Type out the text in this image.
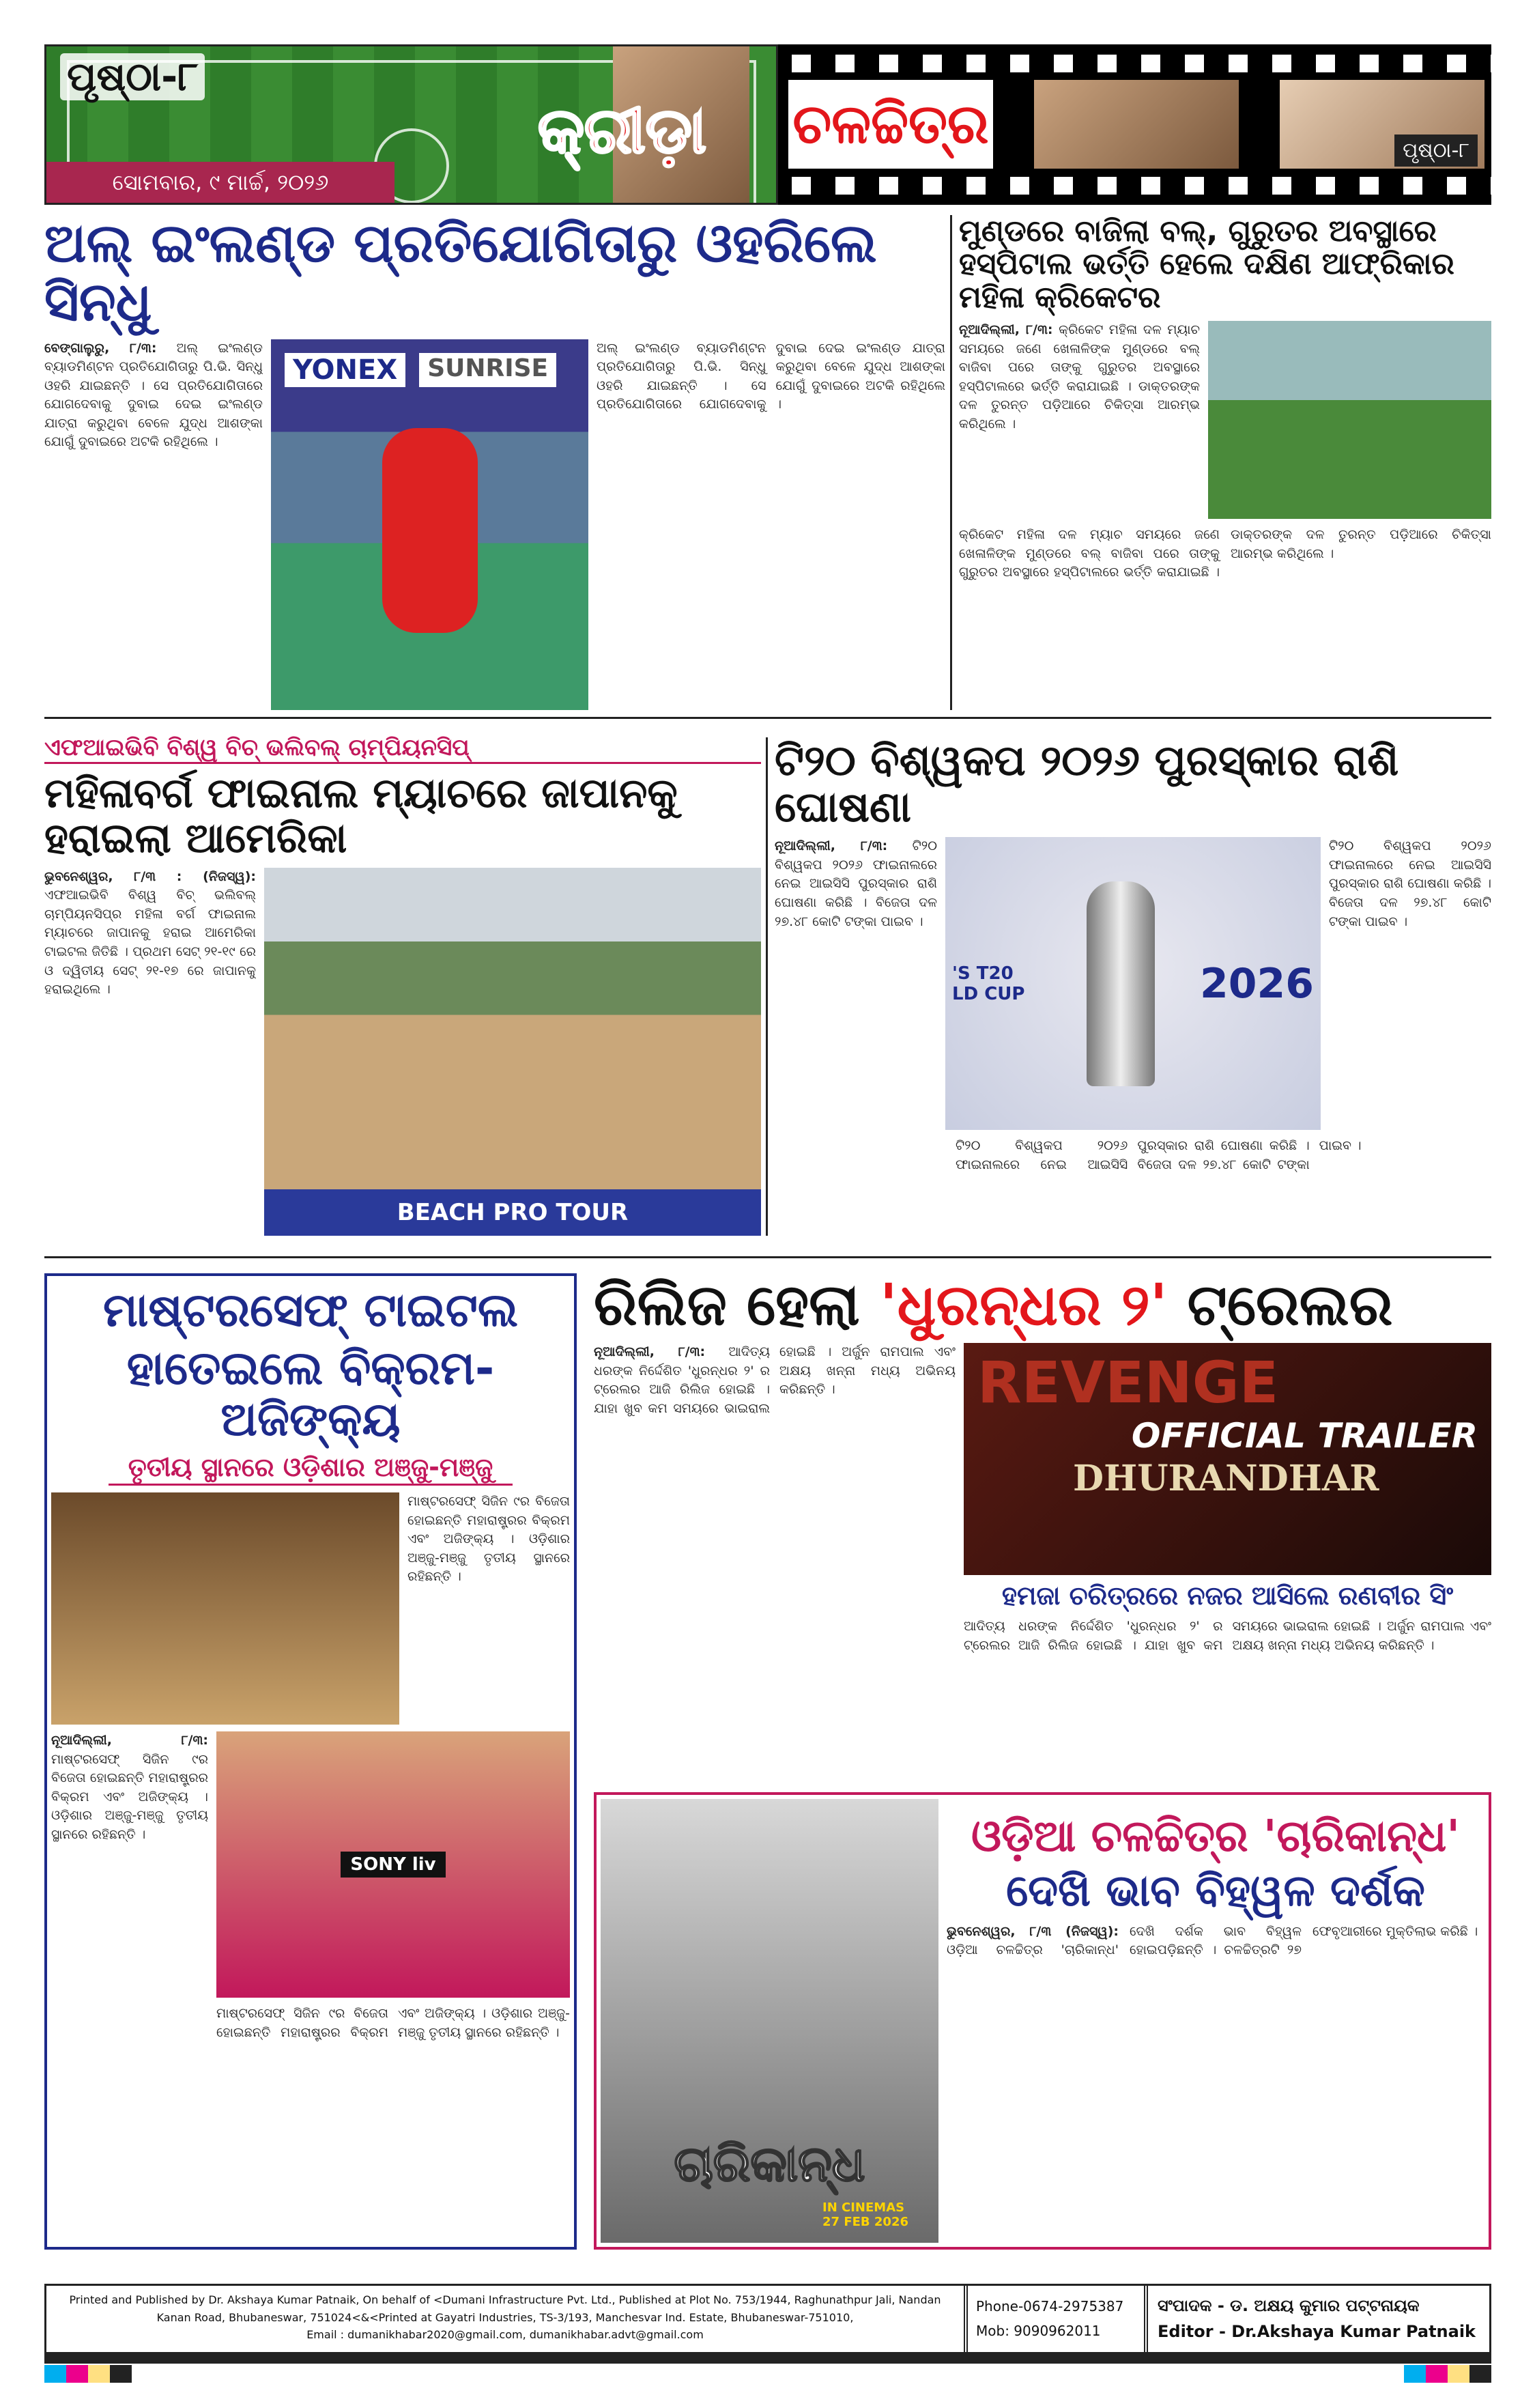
ପୃଷ୍ଠା-୮
ସୋମବାର, ୯ ମାର୍ଚ୍ଚ, ୨୦୨୬
କ୍ରୀଡ଼ା ଚଳଚ୍ଚିତ୍ର	ପୃଷ୍ଠା-୮
ଅଲ୍ ଇଂଲଣ୍ଡ ପ୍ରତିଯୋଗିତାରୁ ଓହରିଲେ ସିନ୍ଧୁ
ବେଙ୍ଗାଲୁରୁ, ୮/୩: ଅଲ୍ ଇଂଲଣ୍ଡ ବ୍ୟାଡମିଣ୍ଟନ ପ୍ରତିଯୋଗିତାରୁ ପି.ଭି. ସିନ୍ଧୁ ଓହରି ଯାଇଛନ୍ତି । ସେ ପ୍ରତିଯୋଗିତାରେ ଯୋଗଦେବାକୁ ଦୁବାଇ ଦେଇ ଇଂଲଣ୍ଡ ଯାତ୍ରା କରୁଥିବା ବେଳେ ଯୁଦ୍ଧ ଆଶଙ୍କା ଯୋଗୁଁ ଦୁବାଇରେ ଅଟକି ରହିଥିଲେ ।
YONEX	SUNRISE
ଅଲ୍ ଇଂଲଣ୍ଡ ବ୍ୟାଡମିଣ୍ଟନ ପ୍ରତିଯୋଗିତାରୁ ପି.ଭି. ସିନ୍ଧୁ ଓହରି ଯାଇଛନ୍ତି । ସେ ପ୍ରତିଯୋଗିତାରେ ଯୋଗଦେବାକୁ ଦୁବାଇ ଦେଇ ଇଂଲଣ୍ଡ ଯାତ୍ରା କରୁଥିବା ବେଳେ ଯୁଦ୍ଧ ଆଶଙ୍କା ଯୋଗୁଁ ଦୁବାଇରେ ଅଟକି ରହିଥିଲେ ।
ମୁଣ୍ଡରେ ବାଜିଲା ବଲ୍, ଗୁରୁତର ଅବସ୍ଥାରେ ହସ୍ପିଟାଲ ଭର୍ତ୍ତି ହେଲେ ଦକ୍ଷିଣ ଆଫ୍ରିକାର ମହିଳା କ୍ରିକେଟର
ନୂଆଦିଲ୍ଲୀ, ୮/୩: କ୍ରିକେଟ ମହିଳା ଦଳ ମ୍ୟାଚ ସମୟରେ ଜଣେ ଖେଳାଳିଙ୍କ ମୁଣ୍ଡରେ ବଲ୍ ବାଜିବା ପରେ ତାଙ୍କୁ ଗୁରୁତର ଅବସ୍ଥାରେ ହସ୍ପିଟାଲରେ ଭର୍ତ୍ତି କରାଯାଇଛି । ଡାକ୍ତରଙ୍କ ଦଳ ତୁରନ୍ତ ପଡ଼ିଆରେ ଚିକିତ୍ସା ଆରମ୍ଭ କରିଥିଲେ ।
କ୍ରିକେଟ ମହିଳା ଦଳ ମ୍ୟାଚ ସମୟରେ ଜଣେ ଖେଳାଳିଙ୍କ ମୁଣ୍ଡରେ ବଲ୍ ବାଜିବା ପରେ ତାଙ୍କୁ ଗୁରୁତର ଅବସ୍ଥାରେ ହସ୍ପିଟାଲରେ ଭର୍ତ୍ତି କରାଯାଇଛି । ଡାକ୍ତରଙ୍କ ଦଳ ତୁରନ୍ତ ପଡ଼ିଆରେ ଚିକିତ୍ସା ଆରମ୍ଭ କରିଥିଲେ ।
ଏଫଆଇଭିବି ବିଶ୍ୱ ବିଚ୍ ଭଲିବଲ୍ ଚାମ୍ପିୟନସିପ୍
ମହିଳାବର୍ଗ ଫାଇନାଲ ମ୍ୟାଚରେ ଜାପାନକୁ ହରାଇଲା ଆମେରିକା
ଭୁବନେଶ୍ୱର, ୮/୩ : (ନିଜସ୍ୱ): ଏଫଆଇଭିବି ବିଶ୍ୱ ବିଚ୍ ଭଲିବଲ୍ ଚାମ୍ପିୟନସିପ୍ର ମହିଳା ବର୍ଗ ଫାଇନାଲ ମ୍ୟାଚରେ ଜାପାନକୁ ହରାଇ ଆମେରିକା ଟାଇଟଲ ଜିତିଛି । ପ୍ରଥମ ସେଟ୍ ୨୧-୧୯ ରେ ଓ ଦ୍ୱିତୀୟ ସେଟ୍ ୨୧-୧୭ ରେ ଜାପାନକୁ ହରାଇଥିଲେ ।
BEACH PRO TOUR
ଟି୨୦ ବିଶ୍ୱକପ ୨୦୨୬ ପୁରସ୍କାର ରାଶି ଘୋଷଣା
ନୂଆଦିଲ୍ଲୀ, ୮/୩: ଟି୨୦ ବିଶ୍ୱକପ ୨୦୨୬ ଫାଇନାଲରେ ନେଇ ଆଇସିସି ପୁରସ୍କାର ରାଶି ଘୋଷଣା କରିଛି । ବିଜେତା ଦଳ ୨୭.୪୮ କୋଟି ଟଙ୍କା ପାଇବ ।
'S T20 LD CUP	2026
ଟି୨୦ ବିଶ୍ୱକପ ୨୦୨୬ ଫାଇନାଲରେ ନେଇ ଆଇସିସି ପୁରସ୍କାର ରାଶି ଘୋଷଣା କରିଛି । ବିଜେତା ଦଳ ୨୭.୪୮ କୋଟି ଟଙ୍କା ପାଇବ ।
ଟି୨୦ ବିଶ୍ୱକପ ୨୦୨୬ ଫାଇନାଲରେ ନେଇ ଆଇସିସି ପୁରସ୍କାର ରାଶି ଘୋଷଣା କରିଛି । ବିଜେତା ଦଳ ୨୭.୪୮ କୋଟି ଟଙ୍କା ପାଇବ ।
ମାଷ୍ଟରସେଫ୍ ଟାଇଟଲ
ହାତେଇଲେ ବିକ୍ରମ-ଅଜିଙ୍କ୍ୟ
ତୃତୀୟ ସ୍ଥାନରେ ଓଡ଼ିଶାର ଅଞ୍ଜୁ-ମଞ୍ଜୁ
ମାଷ୍ଟରସେଫ୍ ସିଜିନ ୯ର ବିଜେତା ହୋଇଛନ୍ତି ମହାରାଷ୍ଟ୍ରର ବିକ୍ରମ ଏବଂ ଅଜିଙ୍କ୍ୟ । ଓଡ଼ିଶାର ଅଞ୍ଜୁ-ମଞ୍ଜୁ ତୃତୀୟ ସ୍ଥାନରେ ରହିଛନ୍ତି ।
ନୂଆଦିଲ୍ଲୀ, ୮/୩: ମାଷ୍ଟରସେଫ୍ ସିଜିନ ୯ର ବିଜେତା ହୋଇଛନ୍ତି ମହାରାଷ୍ଟ୍ରର ବିକ୍ରମ ଏବଂ ଅଜିଙ୍କ୍ୟ । ଓଡ଼ିଶାର ଅଞ୍ଜୁ-ମଞ୍ଜୁ ତୃତୀୟ ସ୍ଥାନରେ ରହିଛନ୍ତି ।
SONY liv
ମାଷ୍ଟରସେଫ୍ ସିଜିନ ୯ର ବିଜେତା ହୋଇଛନ୍ତି ମହାରାଷ୍ଟ୍ରର ବିକ୍ରମ ଏବଂ ଅଜିଙ୍କ୍ୟ । ଓଡ଼ିଶାର ଅଞ୍ଜୁ-ମଞ୍ଜୁ ତୃତୀୟ ସ୍ଥାନରେ ରହିଛନ୍ତି ।
ରିଲିଜ ହେଲା 'ଧୁରନ୍ଧର ୨' ଟ୍ରେଲର
ନୂଆଦିଲ୍ଲୀ, ୮/୩: ଆଦିତ୍ୟ ଧରଙ୍କ ନିର୍ଦ୍ଦେଶିତ 'ଧୁରନ୍ଧର ୨' ର ଟ୍ରେଲର ଆଜି ରିଲିଜ ହୋଇଛି । ଯାହା ଖୁବ କମ ସମୟରେ ଭାଇରାଲ ହୋଇଛି । ଅର୍ଜୁନ ରାମପାଲ ଏବଂ ଅକ୍ଷୟ ଖନ୍ନା ମଧ୍ୟ ଅଭିନୟ କରିଛନ୍ତି ।	REVENGE
OFFICIAL TRAILER
DHURANDHAR
ହମଜା ଚରିତ୍ରରେ ନଜର ଆସିଲେ ରଣବୀର ସିଂ
ଆଦିତ୍ୟ ଧରଙ୍କ ନିର୍ଦ୍ଦେଶିତ 'ଧୁରନ୍ଧର ୨' ର ଟ୍ରେଲର ଆଜି ରିଲିଜ ହୋଇଛି । ଯାହା ଖୁବ କମ ସମୟରେ ଭାଇରାଲ ହୋଇଛି । ଅର୍ଜୁନ ରାମପାଲ ଏବଂ ଅକ୍ଷୟ ଖନ୍ନା ମଧ୍ୟ ଅଭିନୟ କରିଛନ୍ତି ।
ଚାରିକାନ୍ଧ
IN CINEMAS 27 FEB 2026
ଓଡ଼ିଆ ଚଳଚ୍ଚିତ୍ର 'ଚାରିକାନ୍ଧ'
ଦେଖି ଭାବ ବିହ୍ୱଳ ଦର୍ଶକ
ଭୁବନେଶ୍ୱର, ୮/୩ (ନିଜସ୍ୱ): ଓଡ଼ିଆ ଚଳଚ୍ଚିତ୍ର 'ଚାରିକାନ୍ଧ' ଦେଖି ଦର୍ଶକ ଭାବ ବିହ୍ୱଳ ହୋଇପଡ଼ିଛନ୍ତି । ଚଳଚ୍ଚିତ୍ରଟି ୨୭ ଫେବୃଆରୀରେ ମୁକ୍ତିଲାଭ କରିଛି ।
Printed and Published by Dr. Akshaya Kumar Patnaik, On behalf of <Dumani Infrastructure Pvt. Ltd., Published at Plot No. 753/1944, Raghunathpur Jali, Nandan
Kanan Road, Bhubaneswar, 751024<&<Printed at Gayatri Industries, TS-3/193, Manchesvar Ind. Estate, Bhubaneswar-751010,
Email : dumanikhabar2020@gmail.com, dumanikhabar.advt@gmail.com
Phone-0674-2975387
Mob: 9090962011
ସଂପାଦକ - ଡ. ଅକ୍ଷୟ କୁମାର ପଟ୍ଟନାୟକ
Editor - Dr.Akshaya Kumar Patnaik
